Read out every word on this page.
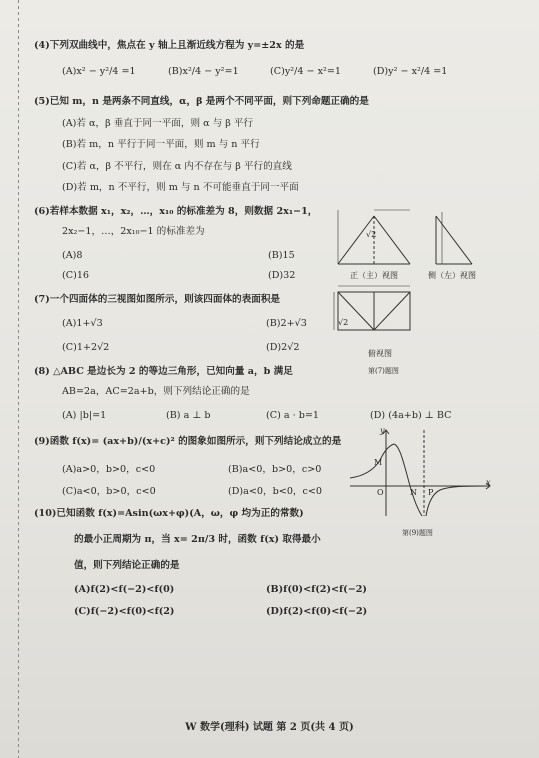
(4)下列双曲线中，焦点在 y 轴上且渐近线方程为 y=±2x 的是
(A)x² − y²/4 =1	(B)x²/4 − y²=1	(C)y²/4 − x²=1	(D)y² − x²/4 =1
(5)已知 m，n 是两条不同直线，α，β 是两个不同平面，则下列命题正确的是
(A)若 α，β 垂直于同一平面，则 α 与 β 平行
(B)若 m，n 平行于同一平面，则 m 与 n 平行
(C)若 α，β 不平行，则在 α 内不存在与 β 平行的直线
(D)若 m，n 不平行，则 m 与 n 不可能垂直于同一平面
(6)若样本数据 x₁，x₂，…，x₁₀ 的标准差为 8，则数据 2x₁−1，
2x₂−1，…，2x₁₀−1 的标准差为
(A)8	(B)15
(C)16	(D)32
(7)一个四面体的三视图如图所示，则该四面体的表面积是
(A)1+√3	(B)2+√3
(C)1+2√2	(D)2√2
√2
√2
正（主）视图	侧（左）视图
俯视图
第(7)题图
(8) △ABC 是边长为 2 的等边三角形，已知向量 a，b 满足
AB=2a，AC=2a+b，则下列结论正确的是
(A) |b|=1	(B) a ⊥ b	(C) a · b=1	(D) (4a+b) ⊥ BC
(9)函数 f(x)= (ax+b)/(x+c)² 的图象如图所示，则下列结论成立的是
(A)a>0，b>0，c<0	(B)a<0，b>0，c>0
(C)a<0，b>0，c<0	(D)a<0，b<0，c<0
y
x
O
M
N P
第(9)题图
(10)已知函数 f(x)=Asin(ωx+φ)(A，ω，φ 均为正的常数)
的最小正周期为 π，当 x= 2π/3 时，函数 f(x) 取得最小
值，则下列结论正确的是
(A)f(2)<f(−2)<f(0)	(B)f(0)<f(2)<f(−2)
(C)f(−2)<f(0)<f(2)	(D)f(2)<f(0)<f(−2)
W 数学(理科) 试题 第 2 页(共 4 页)
